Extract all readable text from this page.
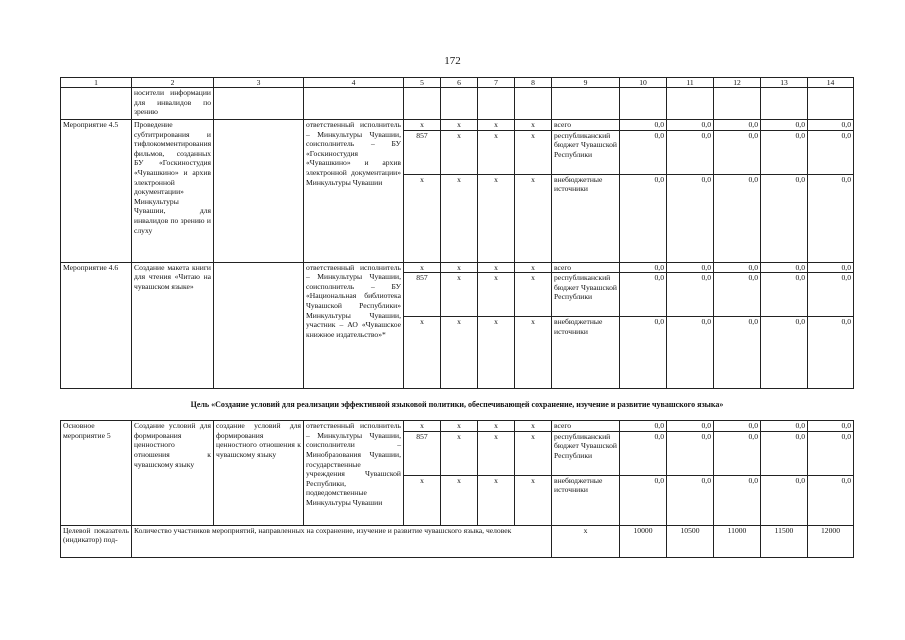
172
1	2	3	4	5	6	7	8	9	10	11	12	13	14
	носители информации для инвалидов по зрению												
Мероприятие 4.5	Проведение субтитрирования и тифлокомментирования фильмов, созданных БУ «Госкиностудия «Чувашкино» и архив электронной документации» Минкультуры Чувашии, для инвалидов по зрению и слуху		ответственный исполнитель – Минкультуры Чувашии, соисполнитель – БУ «Госкиностудия «Чувашкино» и архив электронной документации» Минкультуры Чувашии	х	х	х	х	всего	0,0	0,0	0,0	0,0	0,0
				857	х	х	х	республиканский бюджет Чувашской Республики	0,0	0,0	0,0	0,0	0,0
				х	х	х	х	внебюджетные источники	0,0	0,0	0,0	0,0	0,0
Мероприятие 4.6	Создание макета книги для чтения «Читаю на чувашском языке»		ответственный исполнитель – Минкультуры Чувашии, соисполнитель – БУ «Национальная библиотека Чувашской Республики» Минкультуры Чувашии, участник – АО «Чувашское книжное издательство»*	х	х	х	х	всего	0,0	0,0	0,0	0,0	0,0
				857	х	х	х	республиканский бюджет Чувашской Республики	0,0	0,0	0,0	0,0	0,0
				х	х	х	х	внебюджетные источники	0,0	0,0	0,0	0,0	0,0
Цель «Создание условий для реализации эффективной языковой политики, обеспечивающей сохранение, изучение и развитие чувашского языка»													
Основное мероприятие 5	Создание условий для формирования ценностного отношения к чувашскому языку	создание условий для формирования ценностного отношения к чувашскому языку	ответственный исполнитель – Минкультуры Чувашии, соисполнители – Минобразования Чувашии, государственные учреждения Чувашской Республики, подведомственные Минкультуры Чувашии	х	х	х	х	всего	0,0	0,0	0,0	0,0	0,0
				857	х	х	х	республиканский бюджет Чувашской Республики	0,0	0,0	0,0	0,0	0,0
				х	х	х	х	внебюджетные источники	0,0	0,0	0,0	0,0	0,0
Целевой показатель (индикатор) под-	Количество участников мероприятий, направленных на сохранение, изучение и развитие чувашского языка, человек							х	10000	10500	11000	11500	12000
